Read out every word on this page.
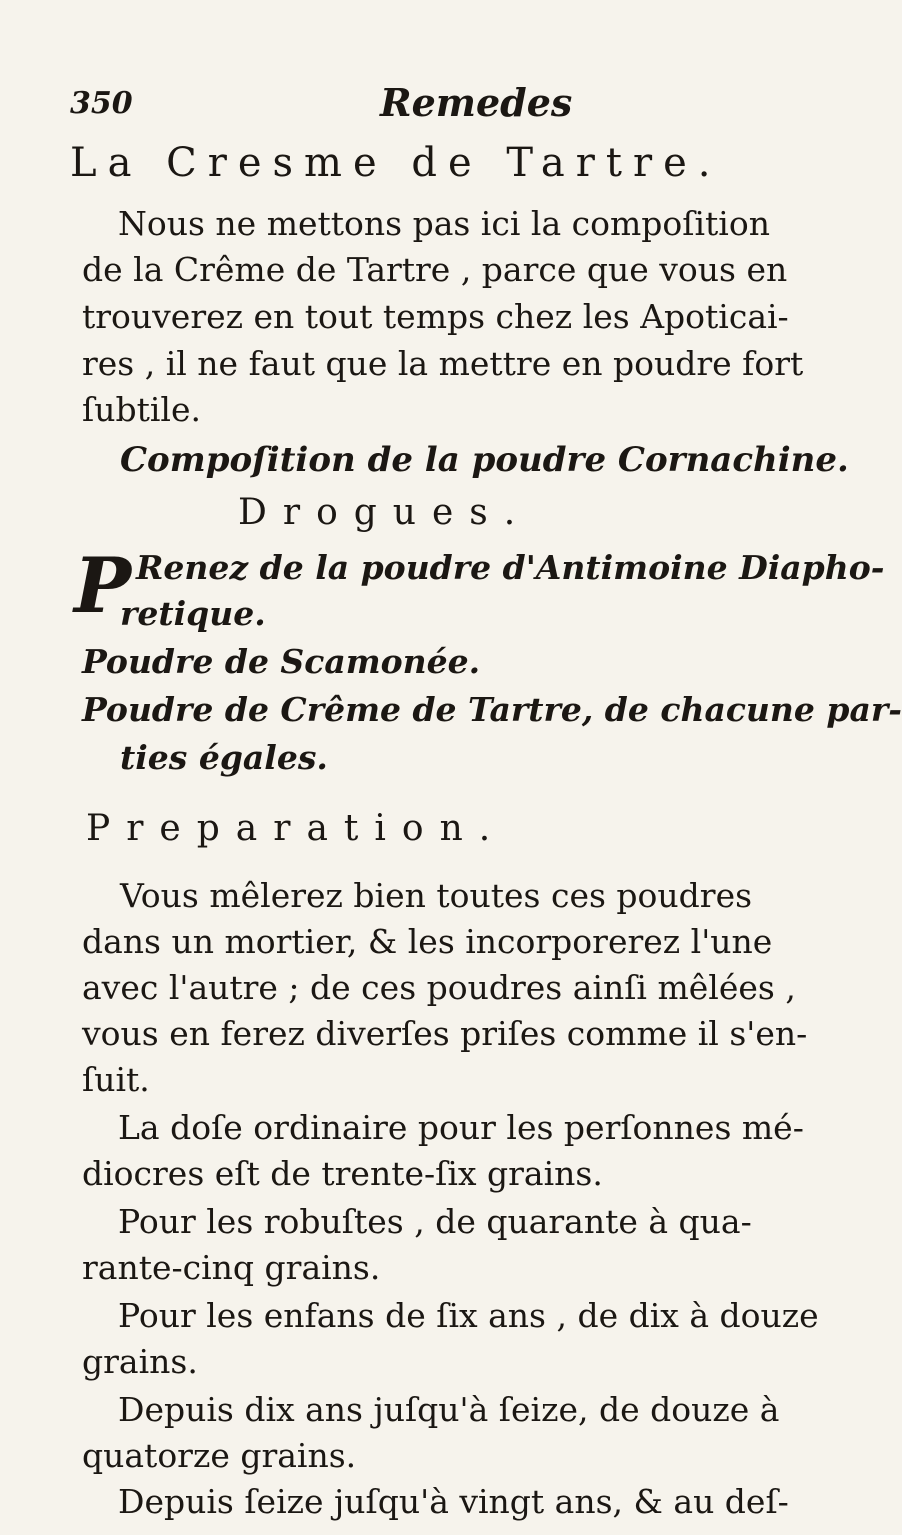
350	Remedes
La Cresme de Tartre.
Nous ne mettons pas ici la compoſition
de la Crême de Tartre , parce que vous en
trouverez en tout temps chez les Apoticai-
res , il ne faut que la mettre en poudre fort
ſubtile.
Compoſition de la poudre Cornachine.
Drogues.
P Renez de la poudre d'Antimoine Diapho-
retique.
Poudre de Scamonée.
Poudre de Crême de Tartre, de chacune par-
ties égales.
Preparation.
Vous mêlerez bien toutes ces poudres
dans un mortier, & les incorporerez l'une
avec l'autre ; de ces poudres ainſi mêlées ,
vous en ferez diverſes priſes comme il s'en-
ſuit.
La doſe ordinaire pour les perſonnes mé-
diocres eſt de trente-ſix grains.
Pour les robuſtes , de quarante à qua-
rante-cinq grains.
Pour les enfans de ſix ans , de dix à douze
grains.
Depuis dix ans juſqu'à ſeize, de douze à
quatorze grains.
Depuis ſeize juſqu'à vingt ans, & au deſ-
